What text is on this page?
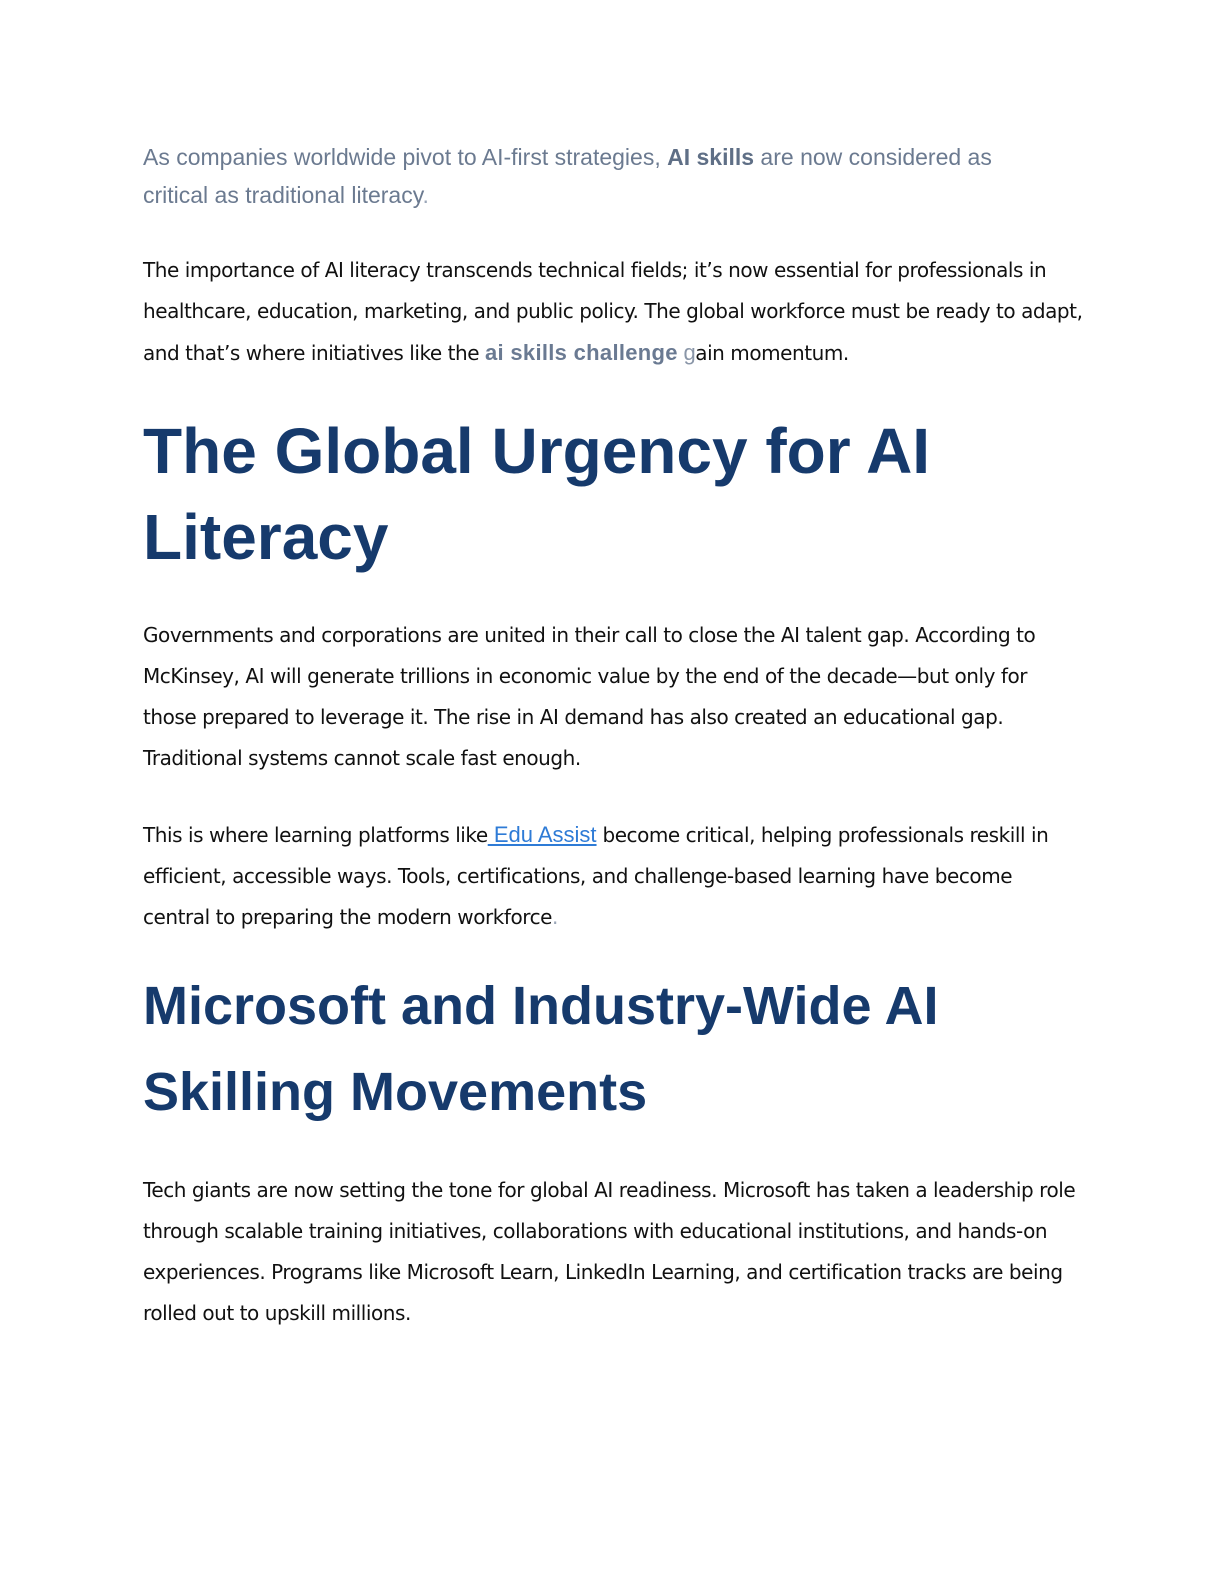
As companies worldwide pivot to AI-first strategies, AI skills are now considered as critical as traditional literacy.

The importance of AI literacy transcends technical fields; it’s now essential for professionals in healthcare, education, marketing, and public policy. The global workforce must be ready to adapt, and that’s where initiatives like the ai skills challenge gain momentum.

The Global Urgency for AI Literacy

Governments and corporations are united in their call to close the AI talent gap. According to McKinsey, AI will generate trillions in economic value by the end of the decade—but only for those prepared to leverage it. The rise in AI demand has also created an educational gap. Traditional systems cannot scale fast enough.

This is where learning platforms like Edu Assist become critical, helping professionals reskill in efficient, accessible ways. Tools, certifications, and challenge-based learning have become central to preparing the modern workforce.

Microsoft and Industry-Wide AI Skilling Movements

Tech giants are now setting the tone for global AI readiness. Microsoft has taken a leadership role through scalable training initiatives, collaborations with educational institutions, and hands-on experiences. Programs like Microsoft Learn, LinkedIn Learning, and certification tracks are being rolled out to upskill millions.
